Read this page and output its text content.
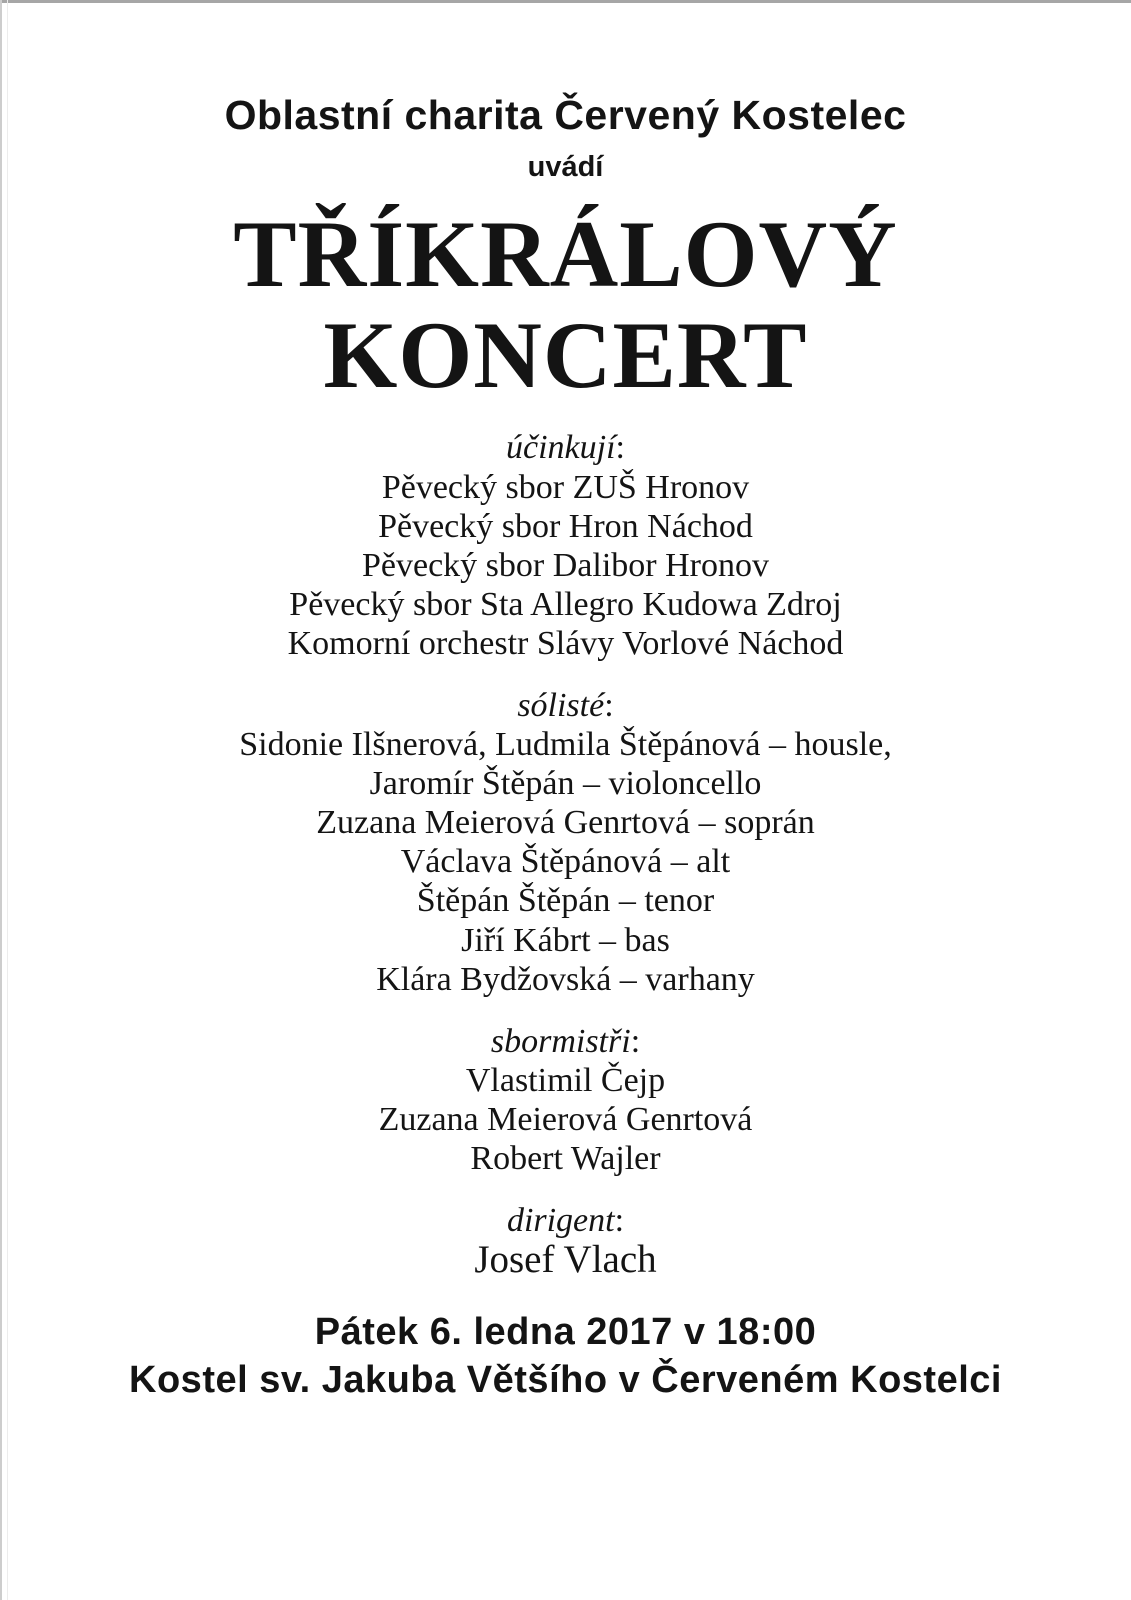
Oblastní charita Červený Kostelec
uvádí
TŘÍKRÁLOVÝ
KONCERT
účinkují:
Pěvecký sbor ZUŠ Hronov
Pěvecký sbor Hron Náchod
Pěvecký sbor Dalibor Hronov
Pěvecký sbor Sta Allegro Kudowa Zdroj
Komorní orchestr Slávy Vorlové Náchod
sólisté:
Sidonie Ilšnerová, Ludmila Štěpánová – housle,
Jaromír Štěpán – violoncello
Zuzana Meierová Genrtová – soprán
Václava Štěpánová – alt
Štěpán Štěpán – tenor
Jiří Kábrt – bas
Klára Bydžovská – varhany
sbormistři:
Vlastimil Čejp
Zuzana Meierová Genrtová
Robert Wajler
dirigent:
Josef Vlach
Pátek 6. ledna 2017 v 18:00
Kostel sv. Jakuba Většího v Červeném Kostelci
